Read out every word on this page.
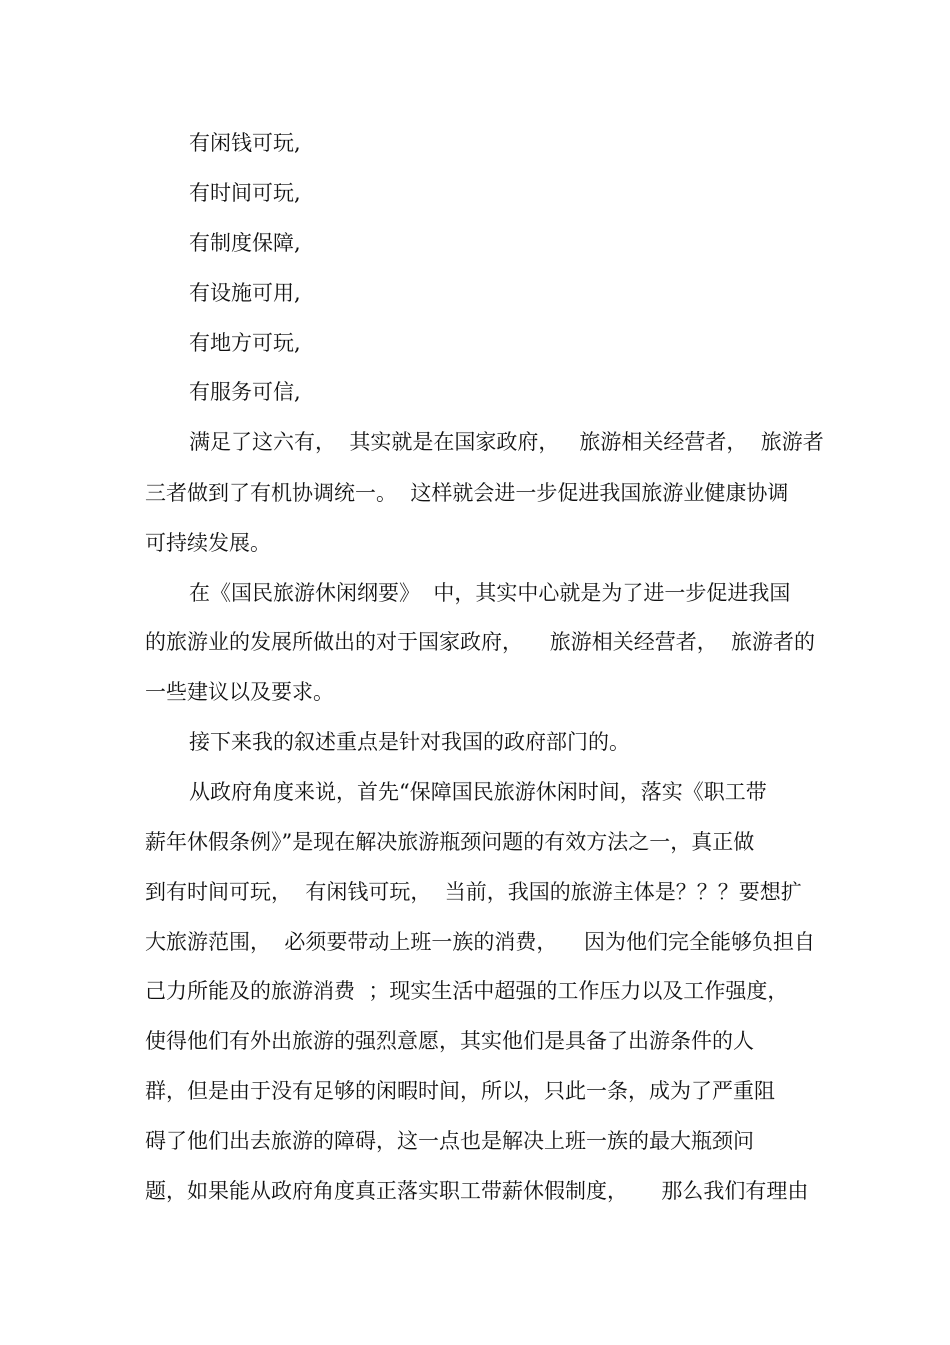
有闲钱可玩,
有时间可玩,
有制度保障,
有设施可用,
有地方可玩,
有服务可信,
满足了这六有，  其实就是在国家政府，   旅游相关经营者，  旅游者
三者做到了有机协调统一。  这样就会进一步促进我国旅游业健康协调
可持续发展。
在《国民旅游休闲纲要》  中，其实中心就是为了进一步促进我国
的旅游业的发展所做出的对于国家政府，    旅游相关经营者，  旅游者的
一些建议以及要求。
接下来我的叙述重点是针对我国的政府部门的。
从政府角度来说，首先“保障国民旅游休闲时间，落实《职工带
薪年休假条例》”是现在解决旅游瓶颈问题的有效方法之一，真正做
到有时间可玩，  有闲钱可玩，  当前，我国的旅游主体是？？？要想扩
大旅游范围，  必须要带动上班一族的消费，    因为他们完全能够负担自
己力所能及的旅游消费  ；现实生活中超强的工作压力以及工作强度，
使得他们有外出旅游的强烈意愿，其实他们是具备了出游条件的人
群，但是由于没有足够的闲暇时间，所以，只此一条，成为了严重阻
碍了他们出去旅游的障碍，这一点也是解决上班一族的最大瓶颈问
题，如果能从政府角度真正落实职工带薪休假制度，     那么我们有理由
